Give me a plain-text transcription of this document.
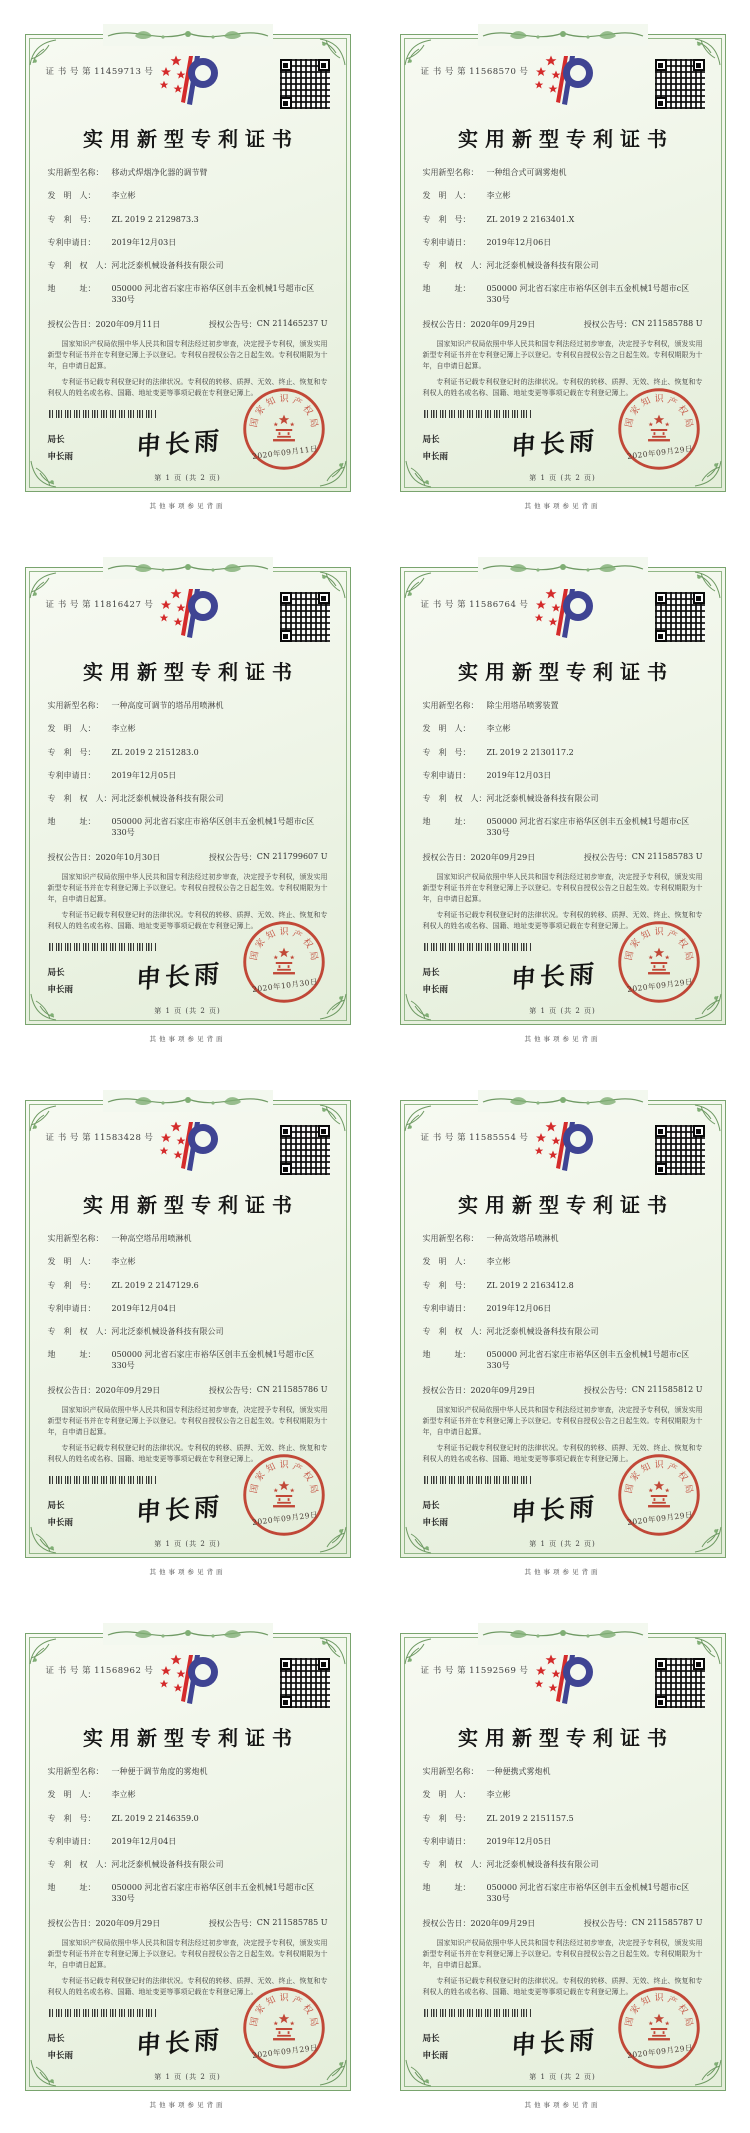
证 书 号 第 11459713 号
实用新型专利证书
实用新型名称：	移动式焊烟净化器的调节臂
发　明　人：	李立彬
专　利　号：	ZL 2019 2 2129873.3
专利申请日：	2019年12月03日
专　利　权　人： 河北泛泰机械设备科技有限公司
地　　　址：	050000 河北省石家庄市裕华区创丰五金机械1号超市c区330号
授权公告日： 2020年09月11日	授权公告号： CN 211465237 U

国家知识产权局依照中华人民共和国专利法经过初步审查，决定授予专利权，颁发实用新型专利证书并在专利登记簿上予以登记。专利权自授权公告之日起生效。专利权期限为十年，自申请日起算。

专利证书记载专利权登记时的法律状况。专利权的转移、质押、无效、终止、恢复和专利权人的姓名或名称、国籍、地址变更等事项记载在专利登记簿上。

局长
申长雨 申长雨
国
家
知 识 产
权
局
2020年09月11日
第 1 页 (共 2 页)
其他事项参见背面
证 书 号 第 11568570 号
实用新型专利证书
实用新型名称：	一种组合式可调雾炮机
发　明　人：	李立彬
专　利　号：	ZL 2019 2 2163401.X
专利申请日：	2019年12月06日
专　利　权　人： 河北泛泰机械设备科技有限公司
地　　　址：	050000 河北省石家庄市裕华区创丰五金机械1号超市c区330号
授权公告日： 2020年09月29日	授权公告号： CN 211585788 U

国家知识产权局依照中华人民共和国专利法经过初步审查，决定授予专利权，颁发实用新型专利证书并在专利登记簿上予以登记。专利权自授权公告之日起生效。专利权期限为十年，自申请日起算。

专利证书记载专利权登记时的法律状况。专利权的转移、质押、无效、终止、恢复和专利权人的姓名或名称、国籍、地址变更等事项记载在专利登记簿上。

局长
申长雨 申长雨
国
家
知 识 产
权
局
2020年09月29日
第 1 页 (共 2 页)
其他事项参见背面
证 书 号 第 11816427 号
实用新型专利证书
实用新型名称：	一种高度可调节的塔吊用喷淋机
发　明　人：	李立彬
专　利　号：	ZL 2019 2 2151283.0
专利申请日：	2019年12月05日
专　利　权　人： 河北泛泰机械设备科技有限公司
地　　　址：	050000 河北省石家庄市裕华区创丰五金机械1号超市c区330号
授权公告日： 2020年10月30日	授权公告号： CN 211799607 U

国家知识产权局依照中华人民共和国专利法经过初步审查，决定授予专利权，颁发实用新型专利证书并在专利登记簿上予以登记。专利权自授权公告之日起生效。专利权期限为十年，自申请日起算。

专利证书记载专利权登记时的法律状况。专利权的转移、质押、无效、终止、恢复和专利权人的姓名或名称、国籍、地址变更等事项记载在专利登记簿上。

局长
申长雨 申长雨
国
家
知 识 产
权
局
2020年10月30日
第 1 页 (共 2 页)
其他事项参见背面
证 书 号 第 11586764 号
实用新型专利证书
实用新型名称：	除尘用塔吊喷雾装置
发　明　人：	李立彬
专　利　号：	ZL 2019 2 2130117.2
专利申请日：	2019年12月03日
专　利　权　人： 河北泛泰机械设备科技有限公司
地　　　址：	050000 河北省石家庄市裕华区创丰五金机械1号超市c区330号
授权公告日： 2020年09月29日	授权公告号： CN 211585783 U

国家知识产权局依照中华人民共和国专利法经过初步审查，决定授予专利权，颁发实用新型专利证书并在专利登记簿上予以登记。专利权自授权公告之日起生效。专利权期限为十年，自申请日起算。

专利证书记载专利权登记时的法律状况。专利权的转移、质押、无效、终止、恢复和专利权人的姓名或名称、国籍、地址变更等事项记载在专利登记簿上。

局长
申长雨 申长雨
国
家
知 识 产
权
局
2020年09月29日
第 1 页 (共 2 页)
其他事项参见背面
证 书 号 第 11583428 号
实用新型专利证书
实用新型名称：	一种高空塔吊用喷淋机
发　明　人：	李立彬
专　利　号：	ZL 2019 2 2147129.6
专利申请日：	2019年12月04日
专　利　权　人： 河北泛泰机械设备科技有限公司
地　　　址：	050000 河北省石家庄市裕华区创丰五金机械1号超市c区330号
授权公告日： 2020年09月29日	授权公告号： CN 211585786 U

国家知识产权局依照中华人民共和国专利法经过初步审查，决定授予专利权，颁发实用新型专利证书并在专利登记簿上予以登记。专利权自授权公告之日起生效。专利权期限为十年，自申请日起算。

专利证书记载专利权登记时的法律状况。专利权的转移、质押、无效、终止、恢复和专利权人的姓名或名称、国籍、地址变更等事项记载在专利登记簿上。

局长
申长雨 申长雨
国
家
知 识 产
权
局
2020年09月29日
第 1 页 (共 2 页)
其他事项参见背面
证 书 号 第 11585554 号
实用新型专利证书
实用新型名称：	一种高效塔吊喷淋机
发　明　人：	李立彬
专　利　号：	ZL 2019 2 2163412.8
专利申请日：	2019年12月06日
专　利　权　人： 河北泛泰机械设备科技有限公司
地　　　址：	050000 河北省石家庄市裕华区创丰五金机械1号超市c区330号
授权公告日： 2020年09月29日	授权公告号： CN 211585812 U

国家知识产权局依照中华人民共和国专利法经过初步审查，决定授予专利权，颁发实用新型专利证书并在专利登记簿上予以登记。专利权自授权公告之日起生效。专利权期限为十年，自申请日起算。

专利证书记载专利权登记时的法律状况。专利权的转移、质押、无效、终止、恢复和专利权人的姓名或名称、国籍、地址变更等事项记载在专利登记簿上。

局长
申长雨 申长雨
国
家
知 识 产
权
局
2020年09月29日
第 1 页 (共 2 页)
其他事项参见背面
证 书 号 第 11568962 号
实用新型专利证书
实用新型名称：	一种便于调节角度的雾炮机
发　明　人：	李立彬
专　利　号：	ZL 2019 2 2146359.0
专利申请日：	2019年12月04日
专　利　权　人： 河北泛泰机械设备科技有限公司
地　　　址：	050000 河北省石家庄市裕华区创丰五金机械1号超市c区330号
授权公告日： 2020年09月29日	授权公告号： CN 211585785 U

国家知识产权局依照中华人民共和国专利法经过初步审查，决定授予专利权，颁发实用新型专利证书并在专利登记簿上予以登记。专利权自授权公告之日起生效。专利权期限为十年，自申请日起算。

专利证书记载专利权登记时的法律状况。专利权的转移、质押、无效、终止、恢复和专利权人的姓名或名称、国籍、地址变更等事项记载在专利登记簿上。

局长
申长雨 申长雨
国
家
知 识 产
权
局
2020年09月29日
第 1 页 (共 2 页)
其他事项参见背面
证 书 号 第 11592569 号
实用新型专利证书
实用新型名称：	一种便携式雾炮机
发　明　人：	李立彬
专　利　号：	ZL 2019 2 2151157.5
专利申请日：	2019年12月05日
专　利　权　人： 河北泛泰机械设备科技有限公司
地　　　址：	050000 河北省石家庄市裕华区创丰五金机械1号超市c区330号
授权公告日： 2020年09月29日	授权公告号： CN 211585787 U

国家知识产权局依照中华人民共和国专利法经过初步审查，决定授予专利权，颁发实用新型专利证书并在专利登记簿上予以登记。专利权自授权公告之日起生效。专利权期限为十年，自申请日起算。

专利证书记载专利权登记时的法律状况。专利权的转移、质押、无效、终止、恢复和专利权人的姓名或名称、国籍、地址变更等事项记载在专利登记簿上。

局长
申长雨 申长雨
国
家
知 识 产
权
局
2020年09月29日
第 1 页 (共 2 页)
其他事项参见背面
